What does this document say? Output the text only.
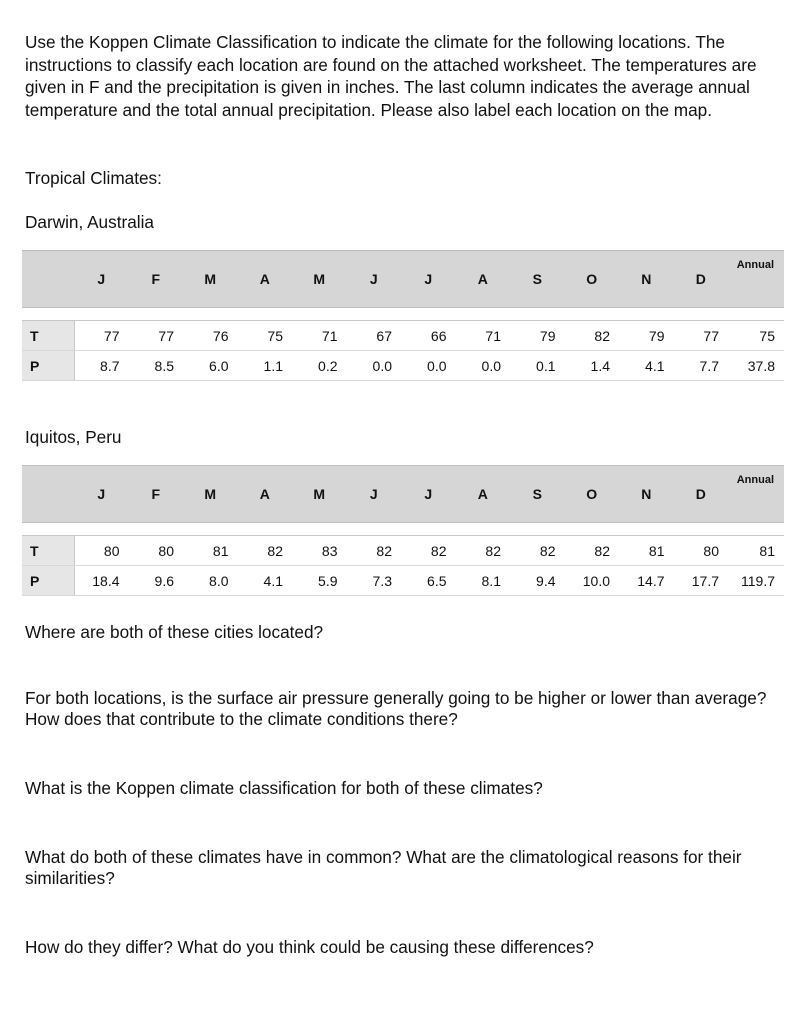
Use the Koppen Climate Classification to indicate the climate for the following locations. The instructions to classify each location are found on the attached worksheet. The temperatures are given in F and the precipitation is given in inches. The last column indicates the average annual temperature and the total annual precipitation. Please also label each location on the map.

Tropical Climates:

Darwin, Australia

	J	F	M	A	M	J	J	A	S	O	N	D	Annual

T	77	77	76	75	71	67	66	71	79	82	79	77	75
P	8.7	8.5	6.0	1.1	0.2	0.0	0.0	0.0	0.1	1.4	4.1	7.7	37.8

Iquitos, Peru

	J	F	M	A	M	J	J	A	S	O	N	D	Annual

T	80	80	81	82	83	82	82	82	82	82	81	80	81
P	18.4	9.6	8.0	4.1	5.9	7.3	6.5	8.1	9.4	10.0	14.7	17.7	119.7

Where are both of these cities located?

For both locations, is the surface air pressure generally going to be higher or lower than average? How does that contribute to the climate conditions there?

What is the Koppen climate classification for both of these climates?

What do both of these climates have in common? What are the climatological reasons for their similarities?

How do they differ? What do you think could be causing these differences?
